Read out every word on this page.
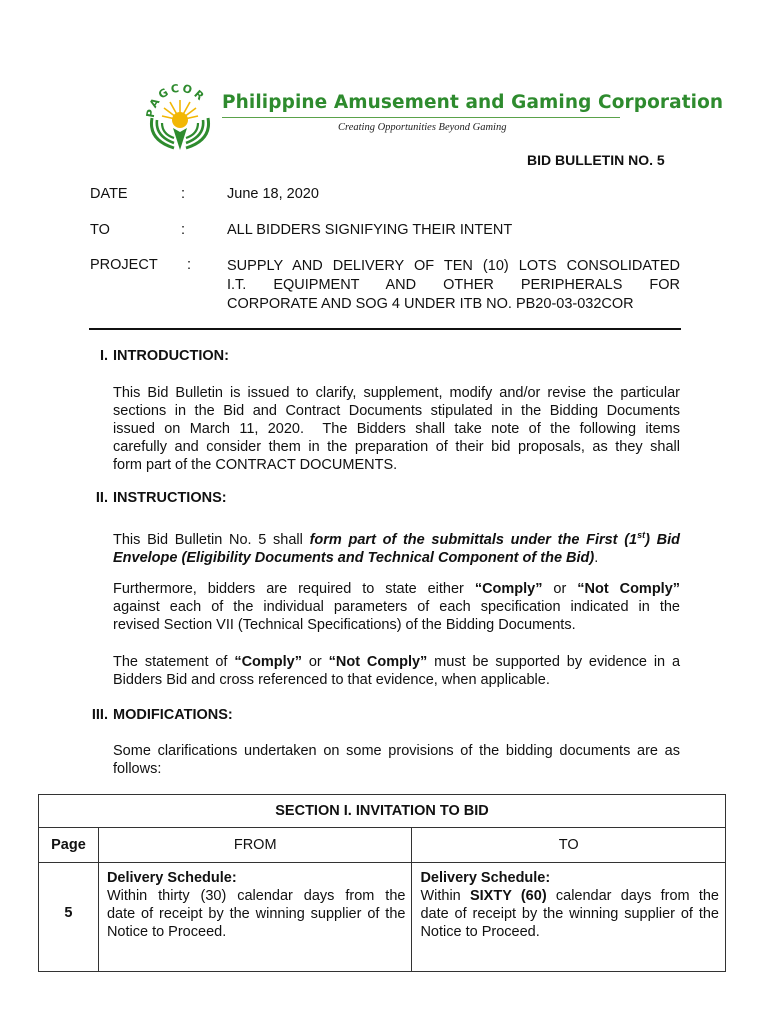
PAGCOR Philippine Amusement and Gaming Corporation
Creating Opportunities Beyond Gaming
BID BULLETIN NO. 5
DATE	:	June 18, 2020
TO	:	ALL BIDDERS SIGNIFYING THEIR INTENT
PROJECT : SUPPLY AND DELIVERY OF TEN (10) LOTS CONSOLIDATED
I.T. EQUIPMENT AND OTHER PERIPHERALS FOR
CORPORATE AND SOG 4 UNDER ITB NO. PB20-03-032COR
I. INTRODUCTION:
This Bid Bulletin is issued to clarify, supplement, modify and/or revise the particular
sections in the Bid and Contract Documents stipulated in the Bidding Documents
issued on March 11, 2020.  The Bidders shall take note of the following items
carefully and consider them in the preparation of their bid proposals, as they shall
form part of the CONTRACT DOCUMENTS.
II. INSTRUCTIONS:
This Bid Bulletin No. 5 shall form part of the submittals under the First (1st) Bid
Envelope (Eligibility Documents and Technical Component of the Bid).
Furthermore, bidders are required to state either “Comply” or “Not Comply”
against each of the individual parameters of each specification indicated in the
revised Section VII (Technical Specifications) of the Bidding Documents.
The statement of “Comply” or “Not Comply” must be supported by evidence in a
Bidders Bid and cross referenced to that evidence, when applicable.
III. MODIFICATIONS:
Some clarifications undertaken on some provisions of the bidding documents are as
follows:
SECTION I. INVITATION TO BID		
Page	FROM	TO
5	Delivery Schedule:
Within thirty (30) calendar days from the
date of receipt by the winning supplier of the
Notice to Proceed.	Delivery Schedule:
Within SIXTY (60) calendar days from the
date of receipt by the winning supplier of the
Notice to Proceed.
